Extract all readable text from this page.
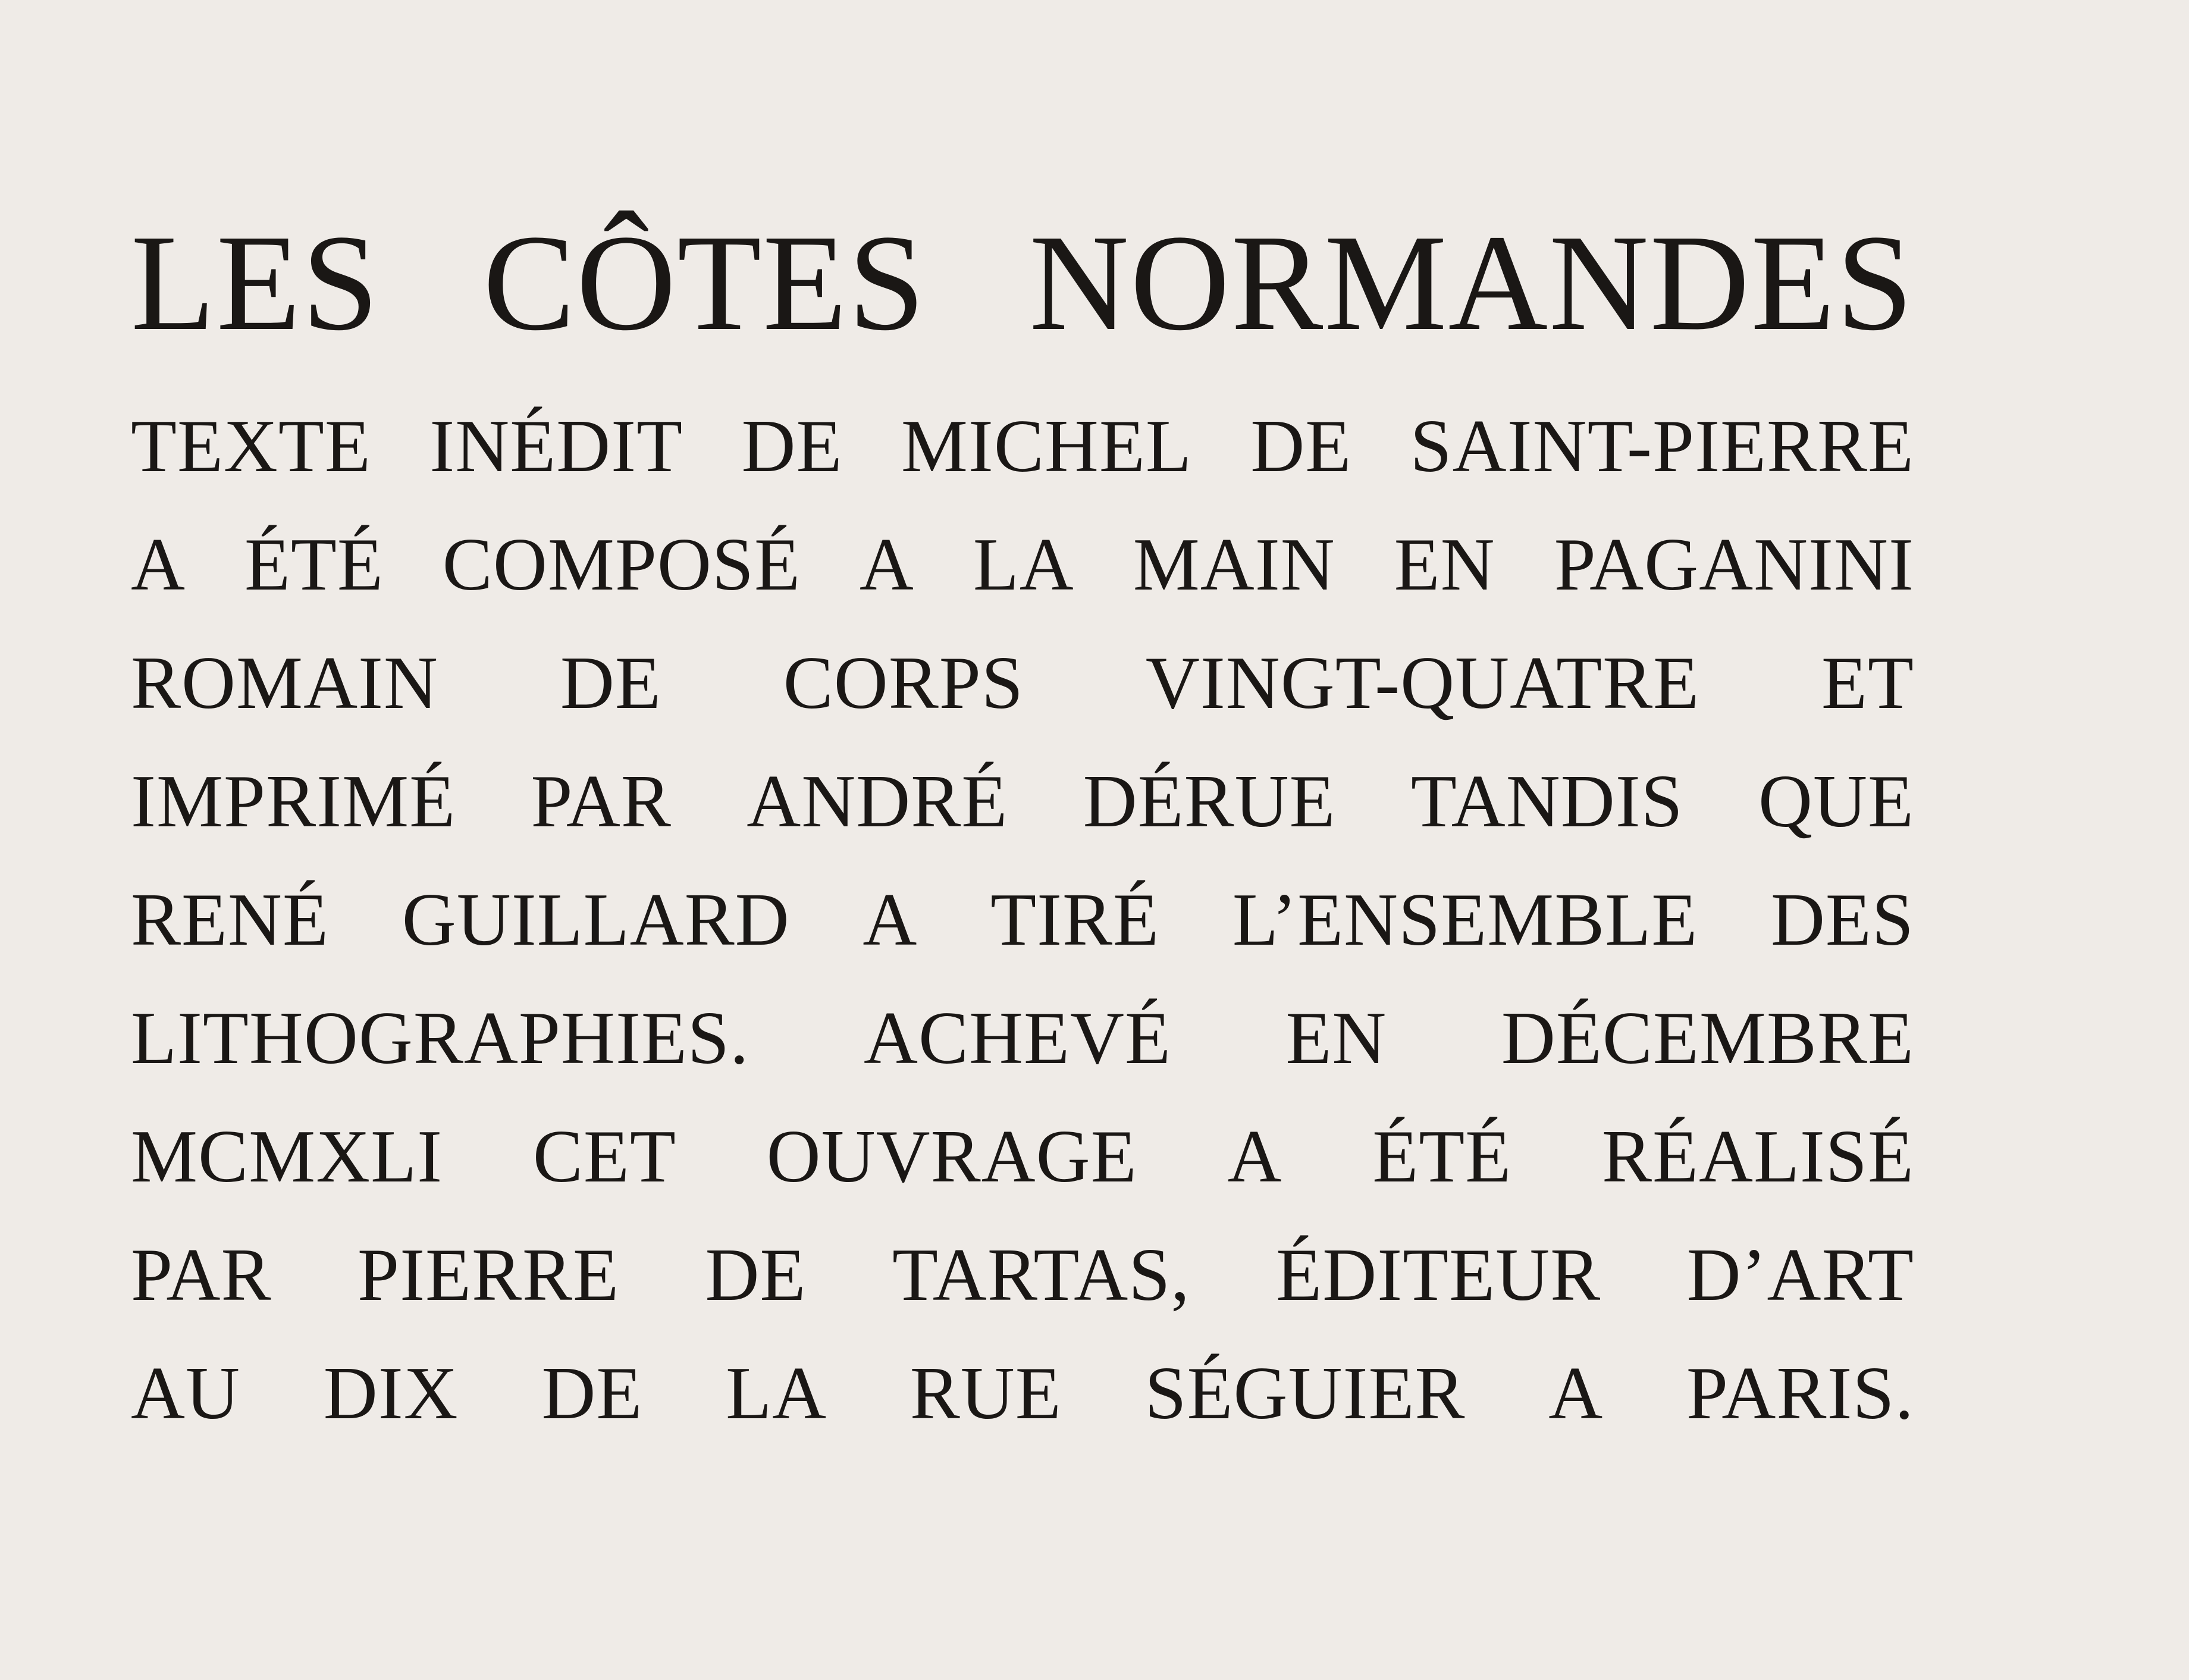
LES CÔTES NORMANDES
TEXTE INÉDIT DE MICHEL DE SAINT-PIERRE
A ÉTÉ COMPOSÉ A LA MAIN EN PAGANINI
ROMAIN DE CORPS VINGT-QUATRE ET
IMPRIMÉ PAR ANDRÉ DÉRUE TANDIS QUE
RENÉ GUILLARD A TIRÉ L’ENSEMBLE DES
LITHOGRAPHIES. ACHEVÉ EN DÉCEMBRE
MCMXLI CET OUVRAGE A ÉTÉ RÉALISÉ
PAR PIERRE DE TARTAS, ÉDITEUR D’ART
AU DIX DE LA RUE SÉGUIER A PARIS.
